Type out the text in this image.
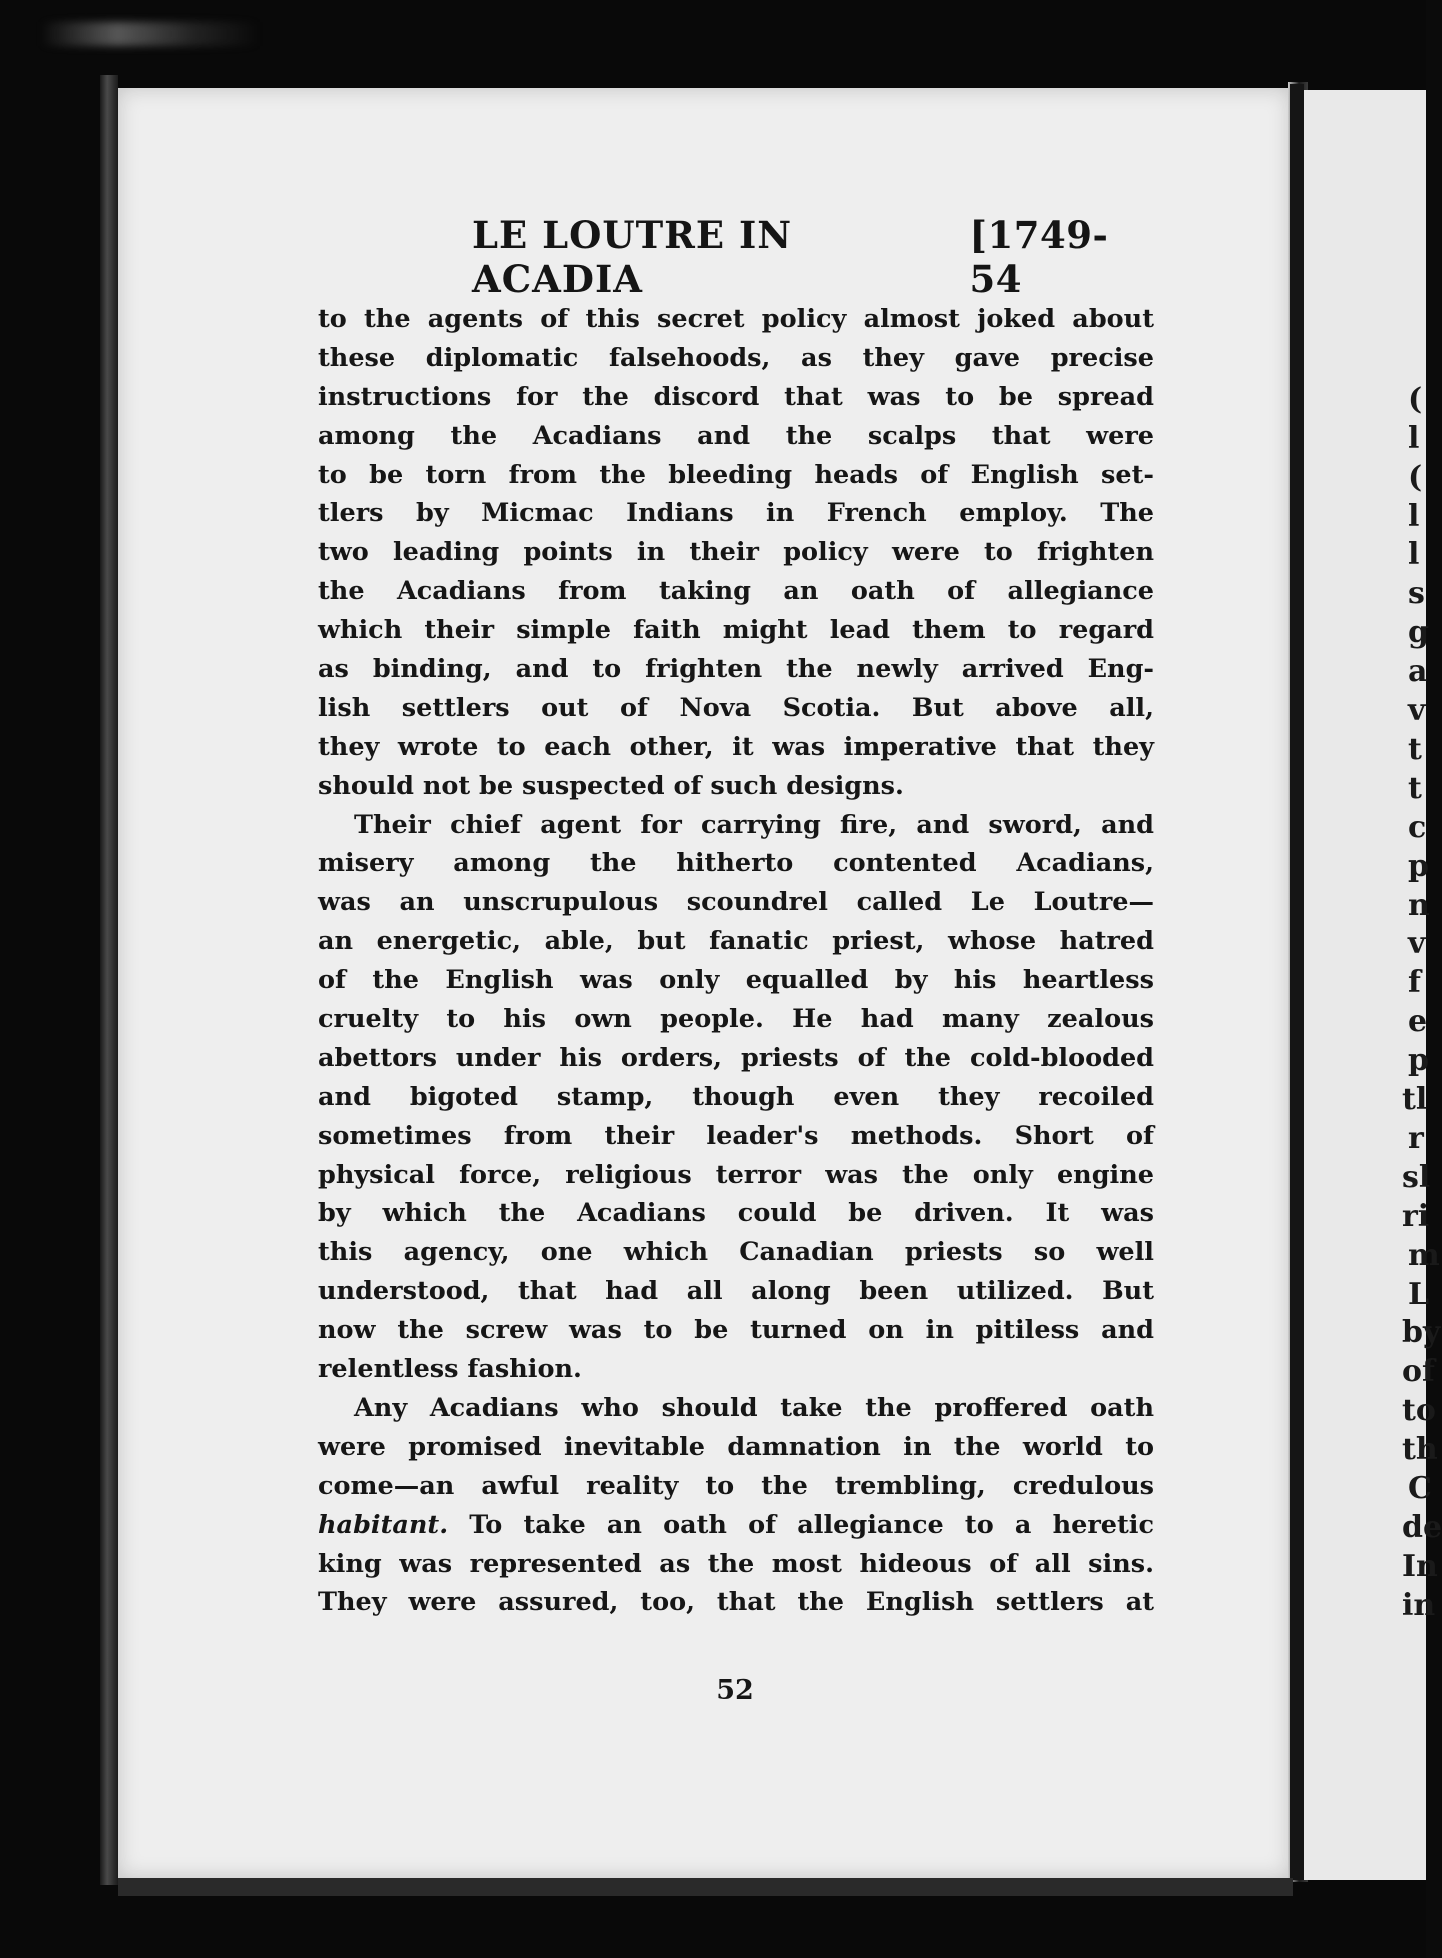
(
l
(
l
l
s
g
a
v
t
t
c
p
n
v
f
e
p
tl
r
sl
ri
m
L
by
of
to
th
C
de
In
in
LE LOUTRE IN ACADIA
[1749-54
to the agents of this secret policy almost joked about
these diplomatic falsehoods, as they gave precise
instructions for the discord that was to be spread
among the Acadians and the scalps that were
to be torn from the bleeding heads of English set-
tlers by Micmac Indians in French employ. The
two leading points in their policy were to frighten
the Acadians from taking an oath of allegiance
which their simple faith might lead them to regard
as binding, and to frighten the newly arrived Eng-
lish settlers out of Nova Scotia. But above all,
they wrote to each other, it was imperative that they
should not be suspected of such designs.
Their chief agent for carrying fire, and sword, and
misery among the hitherto contented Acadians,
was an unscrupulous scoundrel called Le Loutre—
an energetic, able, but fanatic priest, whose hatred
of the English was only equalled by his heartless
cruelty to his own people. He had many zealous
abettors under his orders, priests of the cold-blooded
and bigoted stamp, though even they recoiled
sometimes from their leader's methods. Short of
physical force, religious terror was the only engine
by which the Acadians could be driven. It was
this agency, one which Canadian priests so well
understood, that had all along been utilized. But
now the screw was to be turned on in pitiless and
relentless fashion.
Any Acadians who should take the proffered oath
were promised inevitable damnation in the world to
come—an awful reality to the trembling, credulous
habitant. To take an oath of allegiance to a heretic
king was represented as the most hideous of all sins.
They were assured, too, that the English settlers at
52
